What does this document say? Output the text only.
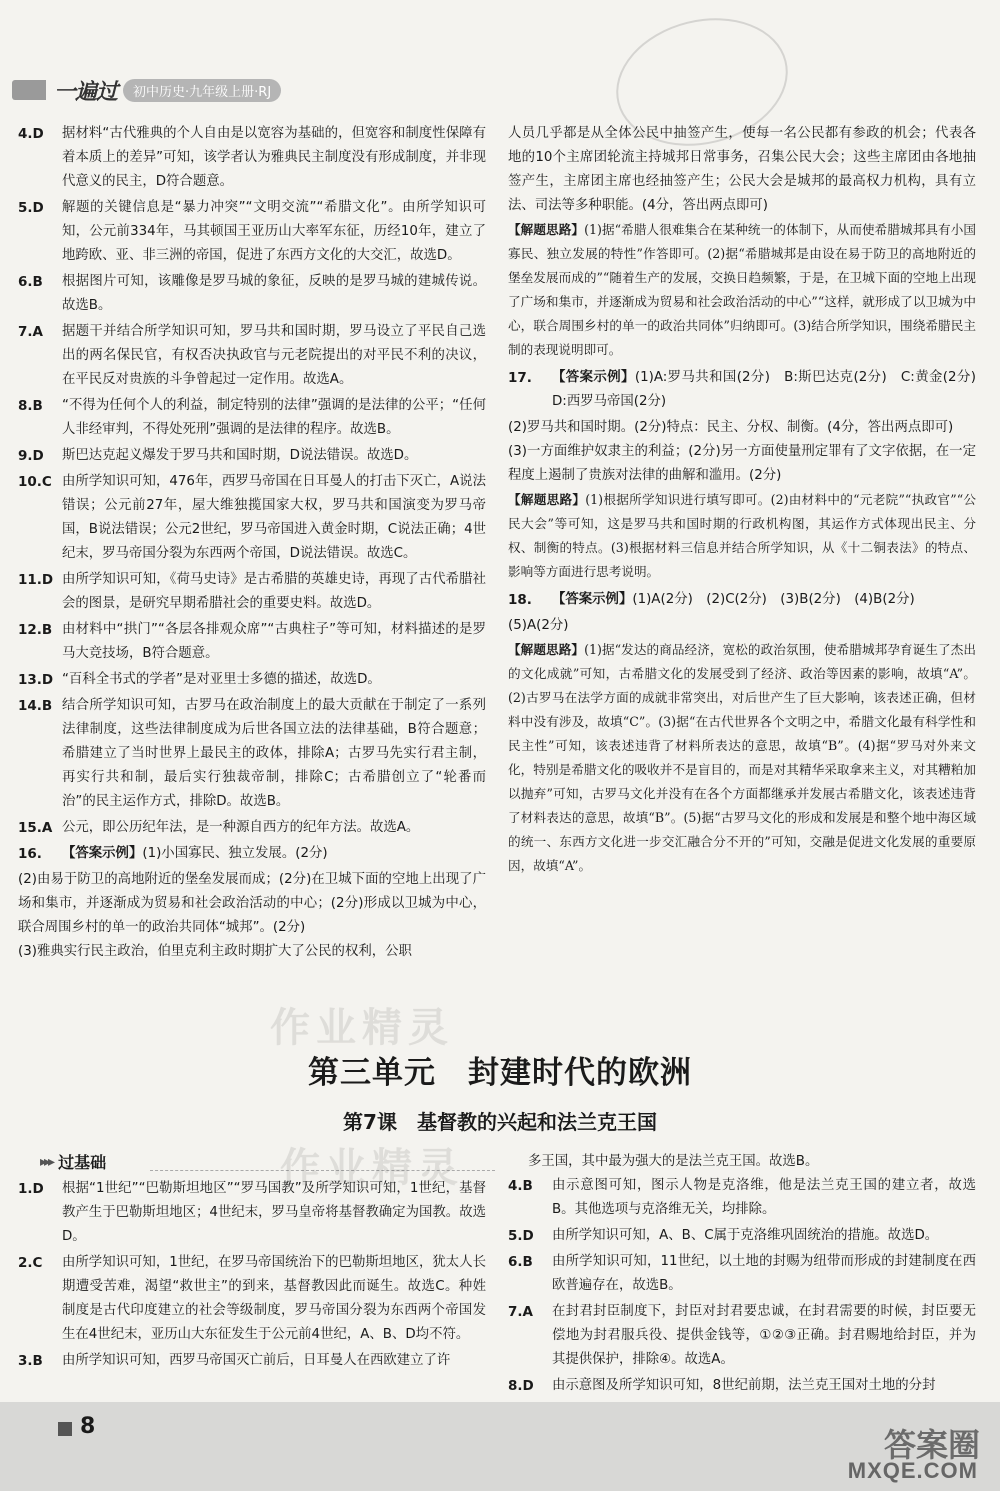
一遍过	初中历史·九年级上册·RJ
4.D	据材料“古代雅典的个人自由是以宽容为基础的，但宽容和制度性保障有着本质上的差异”可知，该学者认为雅典民主制度没有形成制度，并非现代意义的民主，D符合题意。
5.D	解题的关键信息是“暴力冲突”“文明交流”“希腊文化”。由所学知识可知，公元前334年，马其顿国王亚历山大率军东征，历经10年，建立了地跨欧、亚、非三洲的帝国，促进了东西方文化的大交汇，故选D。
6.B	根据图片可知，该雕像是罗马城的象征，反映的是罗马城的建城传说。故选B。
7.A	据题干并结合所学知识可知，罗马共和国时期，罗马设立了平民自己选出的两名保民官，有权否决执政官与元老院提出的对平民不利的决议，在平民反对贵族的斗争曾起过一定作用。故选A。
8.B	“不得为任何个人的利益，制定特别的法律”强调的是法律的公平；“任何人非经审判，不得处死刑”强调的是法律的程序。故选B。
9.D	斯巴达克起义爆发于罗马共和国时期，D说法错误。故选D。
10.C 由所学知识可知，476年，西罗马帝国在日耳曼人的打击下灭亡，A说法错误；公元前27年，屋大维独揽国家大权，罗马共和国演变为罗马帝国，B说法错误；公元2世纪，罗马帝国进入黄金时期，C说法正确；4世纪末，罗马帝国分裂为东西两个帝国，D说法错误。故选C。
11.D 由所学知识可知，《荷马史诗》是古希腊的英雄史诗，再现了古代希腊社会的图景，是研究早期希腊社会的重要史料。故选D。
12.B 由材料中“拱门”“各层各排观众席”“古典柱子”等可知，材料描述的是罗马大竞技场，B符合题意。
13.D “百科全书式的学者”是对亚里士多德的描述，故选D。
14.B 结合所学知识可知，古罗马在政治制度上的最大贡献在于制定了一系列法律制度，这些法律制度成为后世各国立法的法律基础，B符合题意；希腊建立了当时世界上最民主的政体，排除A；古罗马先实行君主制，再实行共和制，最后实行独裁帝制，排除C；古希腊创立了“轮番而治”的民主运作方式，排除D。故选B。
15.A 公元，即公历纪年法，是一种源自西方的纪年方法。故选A。
16.	【答案示例】(1)小国寡民、独立发展。(2分)
(2)由易于防卫的高地附近的堡垒发展而成；(2分)在卫城下面的空地上出现了广场和集市，并逐渐成为贸易和社会政治活动的中心；(2分)形成以卫城为中心，联合周围乡村的单一的政治共同体“城邦”。(2分)
(3)雅典实行民主政治，伯里克利主政时期扩大了公民的权利，公职
人员几乎都是从全体公民中抽签产生，使每一名公民都有参政的机会；代表各地的10个主席团轮流主持城邦日常事务，召集公民大会；这些主席团由各地抽签产生，主席团主席也经抽签产生；公民大会是城邦的最高权力机构，具有立法、司法等多种职能。(4分，答出两点即可)
【解题思路】(1)据“希腊人很难集合在某种统一的体制下，从而使希腊城邦具有小国寡民、独立发展的特性”作答即可。(2)据“希腊城邦是由设在易于防卫的高地附近的堡垒发展而成的”“随着生产的发展，交换日趋频繁，于是，在卫城下面的空地上出现了广场和集市，并逐渐成为贸易和社会政治活动的中心”“这样，就形成了以卫城为中心，联合周围乡村的单一的政治共同体”归纳即可。(3)结合所学知识，围绕希腊民主制的表现说明即可。
17.	【答案示例】(1)A:罗马共和国(2分)　B:斯巴达克(2分)　C:黄金(2分)　D:西罗马帝国(2分)
(2)罗马共和国时期。(2分)特点：民主、分权、制衡。(4分，答出两点即可)
(3)一方面维护奴隶主的利益；(2分)另一方面使量刑定罪有了文字依据，在一定程度上遏制了贵族对法律的曲解和滥用。(2分)
【解题思路】(1)根据所学知识进行填写即可。(2)由材料中的“元老院”“执政官”“公民大会”等可知，这是罗马共和国时期的行政机构图，其运作方式体现出民主、分权、制衡的特点。(3)根据材料三信息并结合所学知识，从《十二铜表法》的特点、影响等方面进行思考说明。
18.	【答案示例】(1)A(2分)　(2)C(2分)　(3)B(2分)　(4)B(2分)
(5)A(2分)
【解题思路】(1)据“发达的商品经济，宽松的政治氛围，使希腊城邦孕育诞生了杰出的文化成就”可知，古希腊文化的发展受到了经济、政治等因素的影响，故填“A”。(2)古罗马在法学方面的成就非常突出，对后世产生了巨大影响，该表述正确，但材料中没有涉及，故填“C”。(3)据“在古代世界各个文明之中，希腊文化最有科学性和民主性”可知，该表述违背了材料所表达的意思，故填“B”。(4)据“罗马对外来文化，特别是希腊文化的吸收并不是盲目的，而是对其精华采取拿来主义，对其糟粕加以抛弃”可知，古罗马文化并没有在各个方面都继承并发展古希腊文化，该表述违背了材料表达的意思，故填“B”。(5)据“古罗马文化的形成和发展是和整个地中海区域的统一、东西方文化进一步交汇融合分不开的”可知，交融是促进文化发展的重要原因，故填“A”。
作业精灵
第三单元　封建时代的欧洲
第7课　基督教的兴起和法兰克王国
▸▸▸ 过基础	作业精灵
1.D	根据“1世纪”“巴勒斯坦地区”“罗马国教”及所学知识可知，1世纪，基督教产生于巴勒斯坦地区；4世纪末，罗马皇帝将基督教确定为国教。故选D。
2.C	由所学知识可知，1世纪，在罗马帝国统治下的巴勒斯坦地区，犹太人长期遭受苦难，渴望“救世主”的到来，基督教因此而诞生。故选C。种姓制度是古代印度建立的社会等级制度，罗马帝国分裂为东西两个帝国发生在4世纪末，亚历山大东征发生于公元前4世纪，A、B、D均不符。
3.B	由所学知识可知，西罗马帝国灭亡前后，日耳曼人在西欧建立了许
多王国，其中最为强大的是法兰克王国。故选B。
4.B	由示意图可知，图示人物是克洛维，他是法兰克王国的建立者，故选B。其他选项与克洛维无关，均排除。
5.D	由所学知识可知，A、B、C属于克洛维巩固统治的措施。故选D。
6.B	由所学知识可知，11世纪，以土地的封赐为纽带而形成的封建制度在西欧普遍存在，故选B。
7.A	在封君封臣制度下，封臣对封君要忠诚，在封君需要的时候，封臣要无偿地为封君服兵役、提供金钱等，①②③正确。封君赐地给封臣，并为其提供保护，排除④。故选A。
8.D	由示意图及所学知识可知，8世纪前期，法兰克王国对土地的分封
8	答案圈
MXQE.COM
